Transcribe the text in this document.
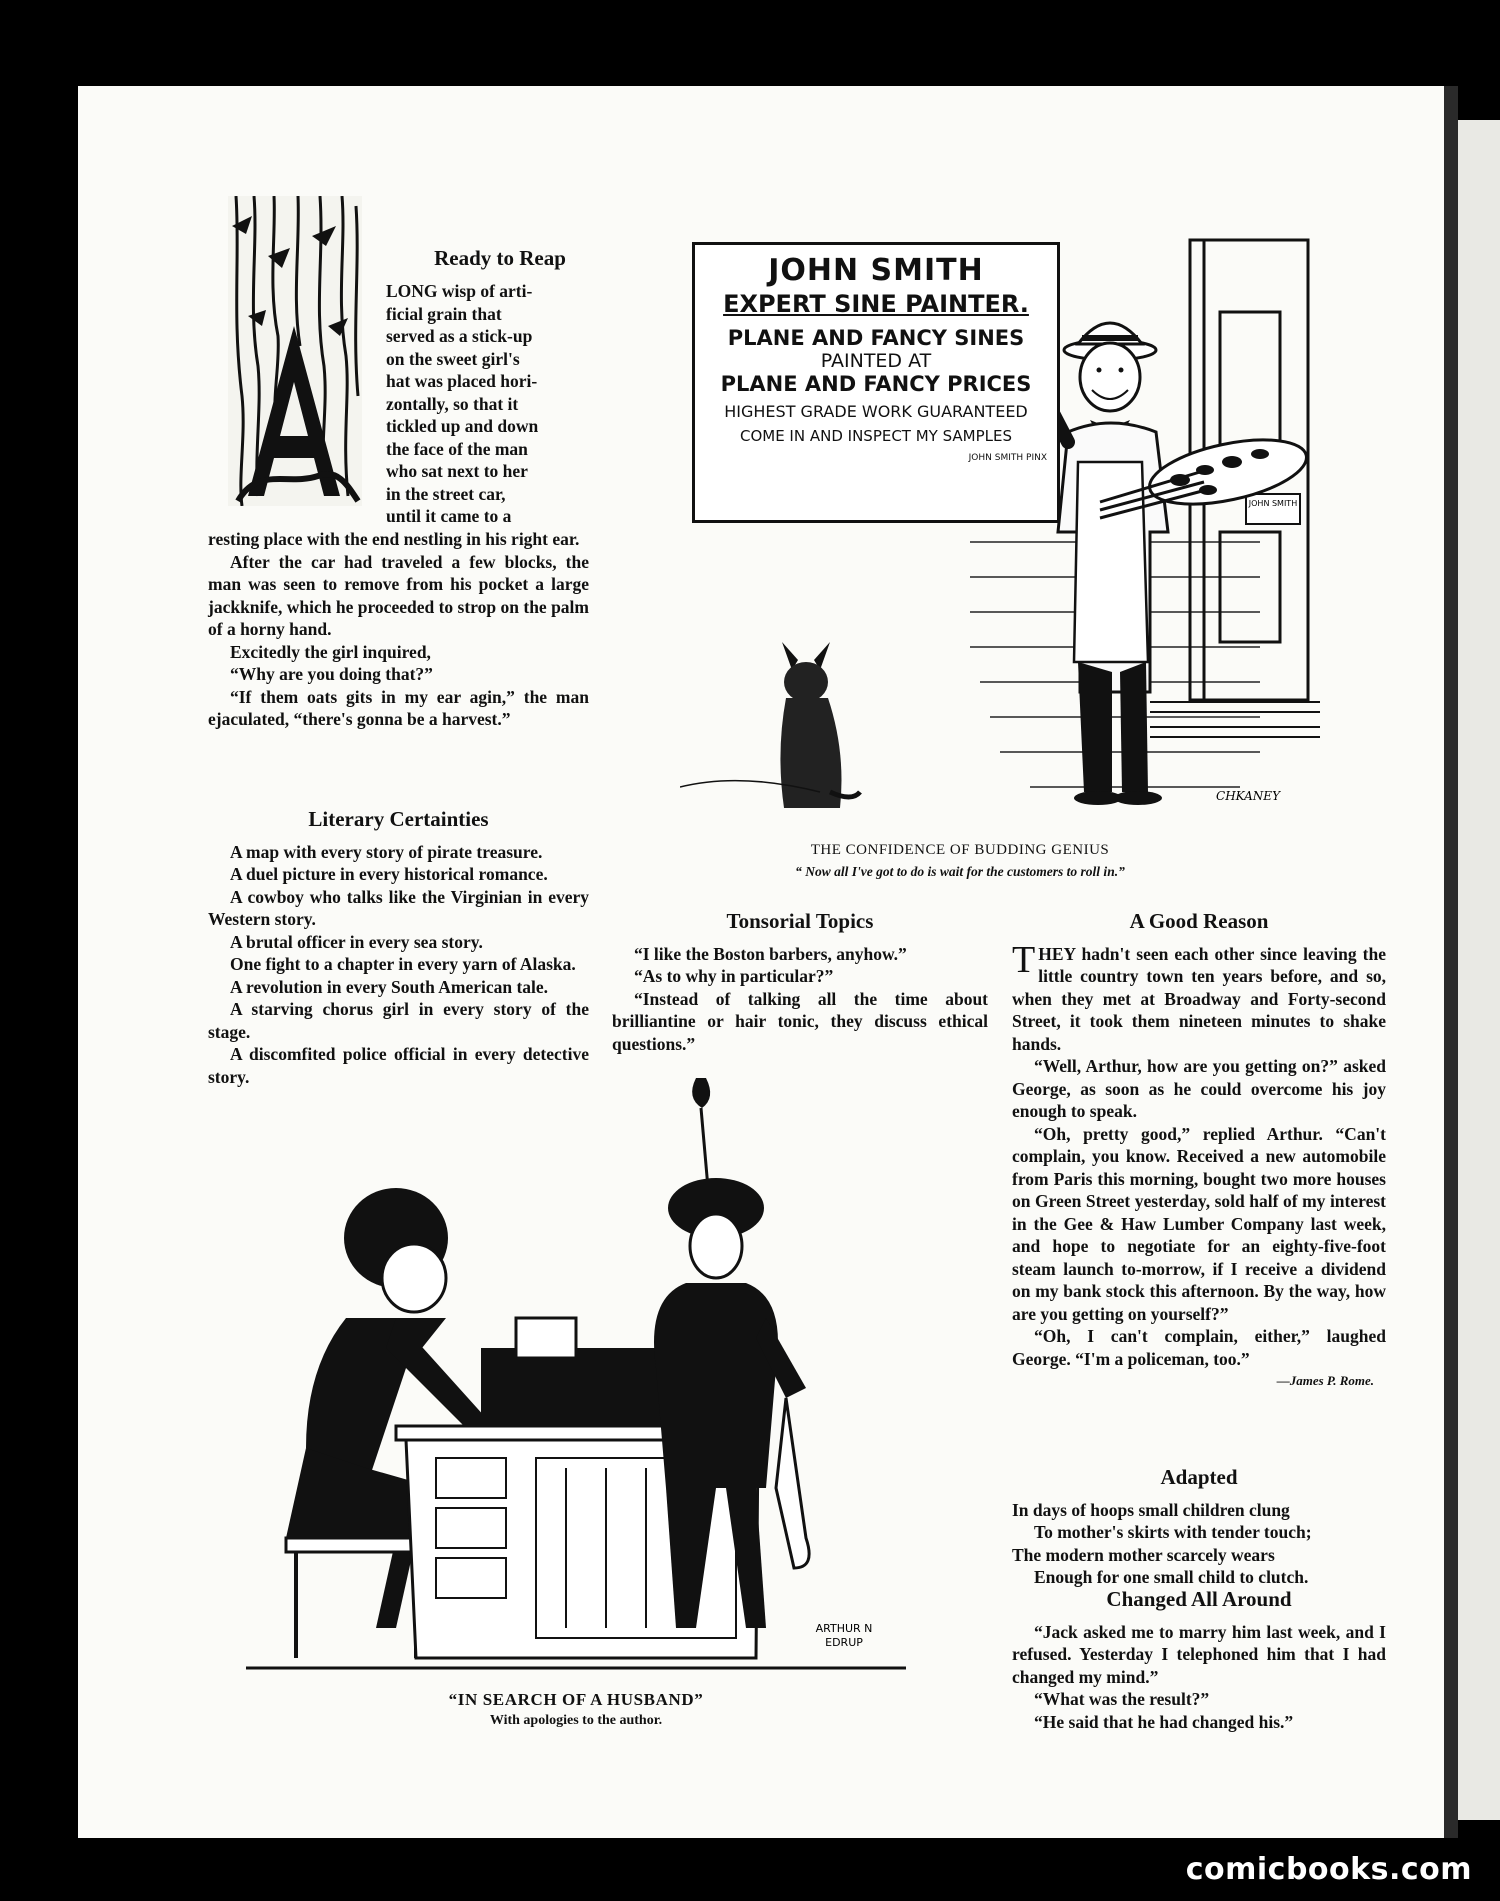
Ready to Reap

LONG wisp of arti-

ficial grain that

served as a stick-up

on the sweet girl's

hat was placed hori-

zontally, so that it

tickled up and down

the face of the man

who sat next to her

in the street car,

until it came to a

resting place with the end nestling in his right ear.

After the car had traveled a few blocks, the man was seen to remove from his pocket a large jackknife, which he proceeded to strop on the palm of a horny hand.

Excitedly the girl inquired,

“Why are you doing that?”

“If them oats gits in my ear agin,” the man ejaculated, “there's gonna be a harvest.”

Literary Certainties

A map with every story of pirate treasure.

A duel picture in every historical romance.

A cowboy who talks like the Virginian in every Western story.

A brutal officer in every sea story.

One fight to a chapter in every yarn of Alaska.

A revolution in every South American tale.

A starving chorus girl in every story of the stage.

A discomfited police official in every detective story.

JOHN SMITH
CHKANEY
JOHN SMITH
EXPERT SINE PAINTER.
PLANE AND FANCY SINES
PAINTED AT
PLANE AND FANCY PRICES
HIGHEST GRADE WORK GUARANTEED
COME IN AND INSPECT MY SAMPLES
JOHN SMITH PINX
THE CONFIDENCE OF BUDDING GENIUS
“ Now all I've got to do is wait for the customers to roll in.”
Tonsorial Topics

“I like the Boston barbers, anyhow.”

“As to why in particular?”

“Instead of talking all the time about brilliantine or hair tonic, they discuss ethical questions.”

ARTHUR N
EDRUP
“IN SEARCH OF A HUSBAND”
With apologies to the author.
A Good Reason
T HEY hadn't seen each other since leaving the little country town ten years before, and so, when they met at Broadway and Forty-second Street, it took them nineteen minutes to shake hands.

“Well, Arthur, how are you getting on?” asked George, as soon as he could overcome his joy enough to speak.

“Oh, pretty good,” replied Arthur. “Can't complain, you know. Received a new automobile from Paris this morning, bought two more houses on Green Street yesterday, sold half of my interest in the Gee & Haw Lumber Company last week, and hope to negotiate for an eighty-five-foot steam launch to-morrow, if I receive a dividend on my bank stock this afternoon. By the way, how are you getting on yourself?”

“Oh, I can't complain, either,” laughed George. “I'm a policeman, too.”

—James P. Rome.
Adapted

In days of hoops small children clung

To mother's skirts with tender touch;

The modern mother scarcely wears

Enough for one small child to clutch.

Changed All Around

“Jack asked me to marry him last week, and I refused. Yesterday I telephoned him that I had changed my mind.”

“What was the result?”

“He said that he had changed his.”

comicbooks.com
